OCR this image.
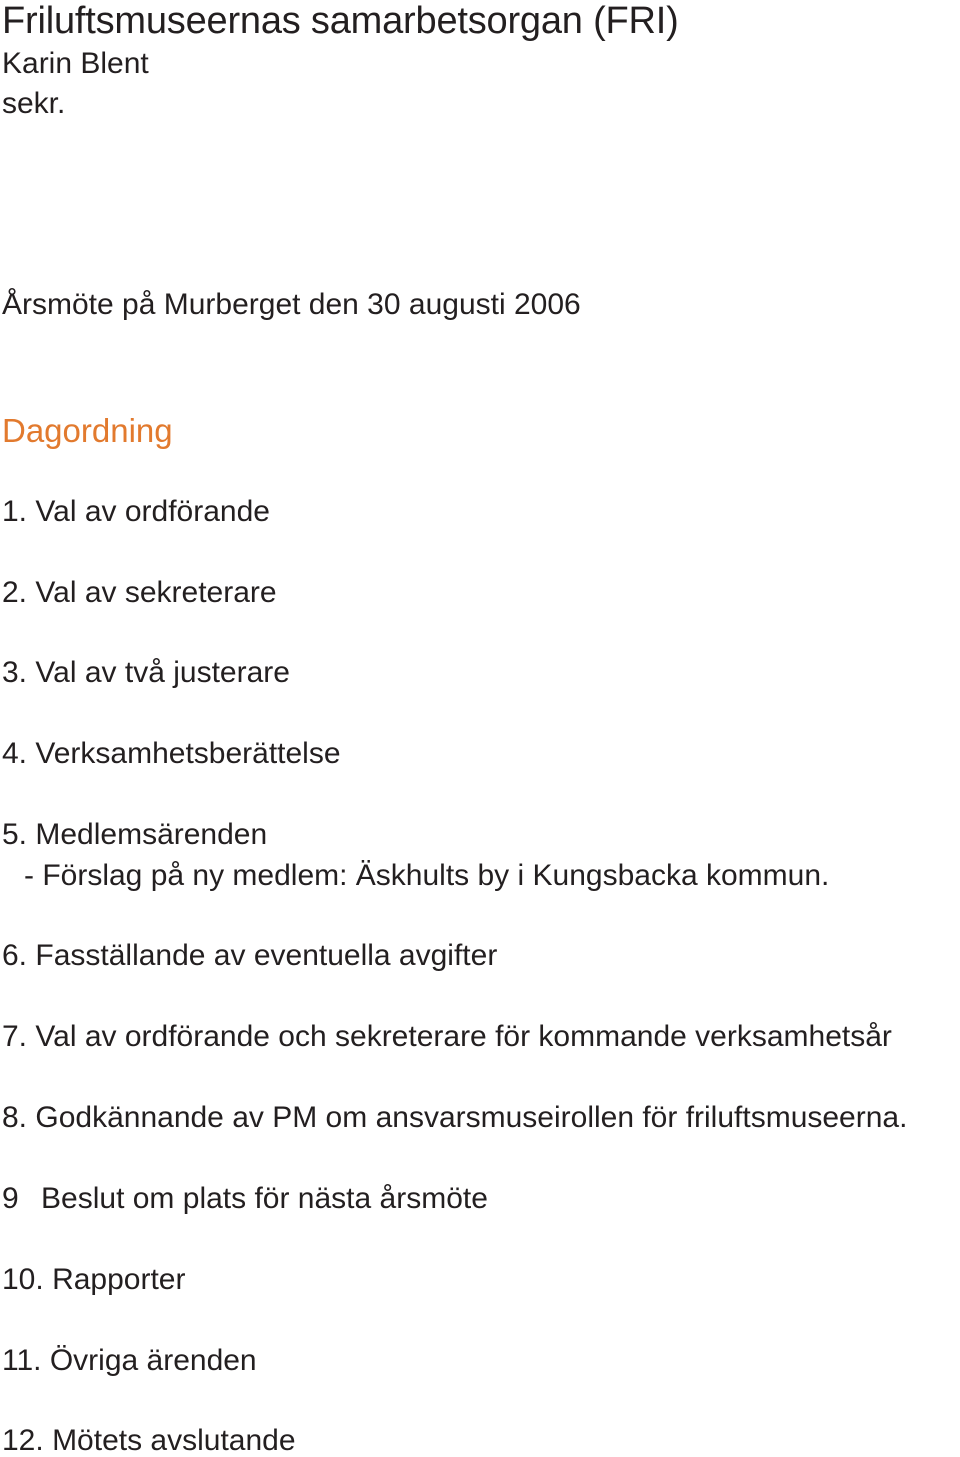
Friluftsmuseernas samarbetsorgan (FRI)
Karin Blent
sekr.
Årsmöte på Murberget den 30 augusti 2006
Dagordning
1. Val av ordförande
2. Val av sekreterare
3. Val av två justerare
4. Verksamhetsberättelse
5. Medlemsärenden
- Förslag på ny medlem: Äskhults by i Kungsbacka kommun.
6. Fasställande av eventuella avgifter
7. Val av ordförande och sekreterare för kommande verksamhetsår
8. Godkännande av PM om ansvarsmuseirollen för friluftsmuseerna.
9 Beslut om plats för nästa årsmöte
10. Rapporter
11. Övriga ärenden
12. Mötets avslutande
